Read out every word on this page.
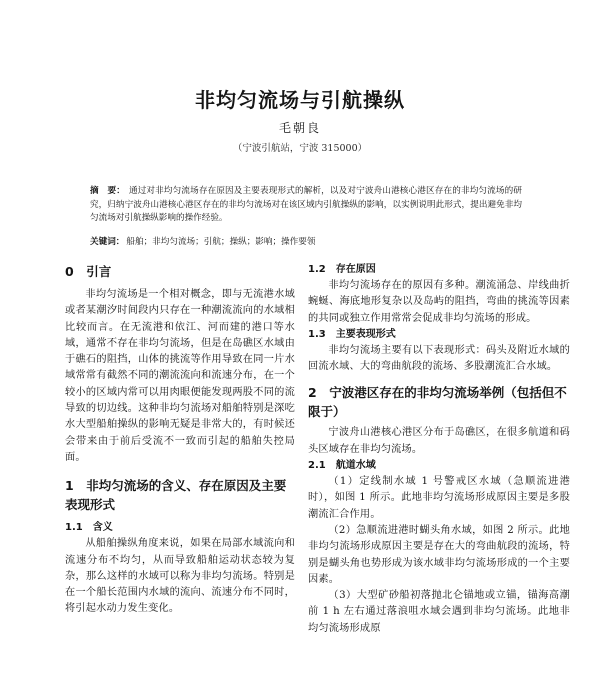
非均匀流场与引航操纵
毛朝良
（宁波引航站，宁波 315000）
摘　要： 通过对非均匀流场存在原因及主要表现形式的解析，以及对宁波舟山港核心港区存在的非均匀流场的研究，归纳宁波舟山港核心港区存在的非均匀流场对在该区域内引航操纵的影响，以实例说明此形式，提出避免非均匀流场对引航操纵影响的操作经验。
关键词： 船舶；非均匀流场；引航；操纵；影响；操作要领
0　引言

非均匀流场是一个相对概念，即与无流港水域或者某潮汐时间段内只存在一种潮流流向的水域相比较而言。在无流港和依江、河而建的港口等水域，通常不存在非均匀流场，但是在岛礁区水域由于礁石的阻挡，山体的挑流等作用导致在同一片水域常常有截然不同的潮流流向和流速分布，在一个较小的区域内常可以用肉眼便能发现两股不同的流导致的切边线。这种非均匀流场对船舶特别是深吃水大型船舶操纵的影响无疑是非常大的，有时候还会带来由于前后受流不一致而引起的船舶失控局面。

1　非均匀流场的含义、存在原因及主要表现形式
1.1　含义

从船舶操纵角度来说，如果在局部水域流向和流速分布不均匀，从而导致船舶运动状态较为复杂，那么这样的水域可以称为非均匀流场。特别是在一个船长范围内水域的流向、流速分布不同时，将引起水动力发生变化。

1.2　存在原因

非均匀流场存在的原因有多种。潮流涌急、岸线曲折蜿蜒、海底地形复杂以及岛屿的阻挡，弯曲的挑流等因素的共同或独立作用常常会促成非均匀流场的形成。

1.3　主要表现形式

非均匀流场主要有以下表现形式：码头及附近水域的回流水域、大的弯曲航段的流场、多股潮流汇合水域。

2　宁波港区存在的非均匀流场举例（包括但不限于）

宁波舟山港核心港区分布于岛礁区，在很多航道和码头区域存在非均匀流场。

2.1　航道水域

（1）定线制水域 1 号警戒区水域（急顺流进港时），如图 1 所示。此地非均匀流场形成原因主要是多股潮流汇合作用。

（2）急顺流进港时蝴头角水域，如图 2 所示。此地非均匀流场形成原因主要是存在大的弯曲航段的流场，特别是蝴头角也势形成为该水域非均匀流场形成的一个主要因素。

（3）大型矿砂船初落抛北仑锚地或立锚，锚海高潮前 1 h 左右通过落浪咀水域会遇到非均匀流场。此地非均匀流场形成原
